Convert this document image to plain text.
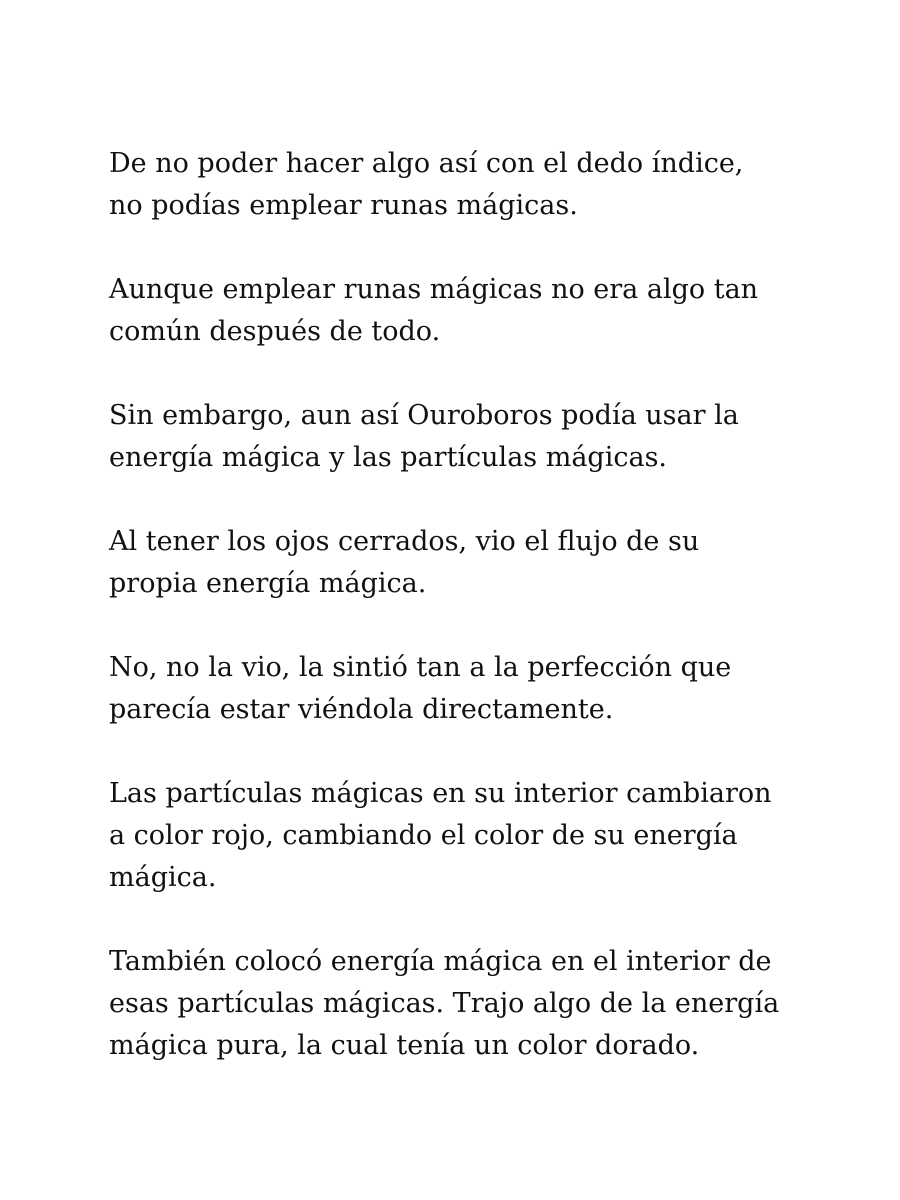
De no poder hacer algo así con el dedo índice,
no podías emplear runas mágicas.

Aunque emplear runas mágicas no era algo tan
común después de todo.

Sin embargo, aun así Ouroboros podía usar la
energía mágica y las partículas mágicas.

Al tener los ojos cerrados, vio el flujo de su
propia energía mágica.

No, no la vio, la sintió tan a la perfección que
parecía estar viéndola directamente.

Las partículas mágicas en su interior cambiaron
a color rojo, cambiando el color de su energía
mágica.

También colocó energía mágica en el interior de
esas partículas mágicas. Trajo algo de la energía
mágica pura, la cual tenía un color dorado.
